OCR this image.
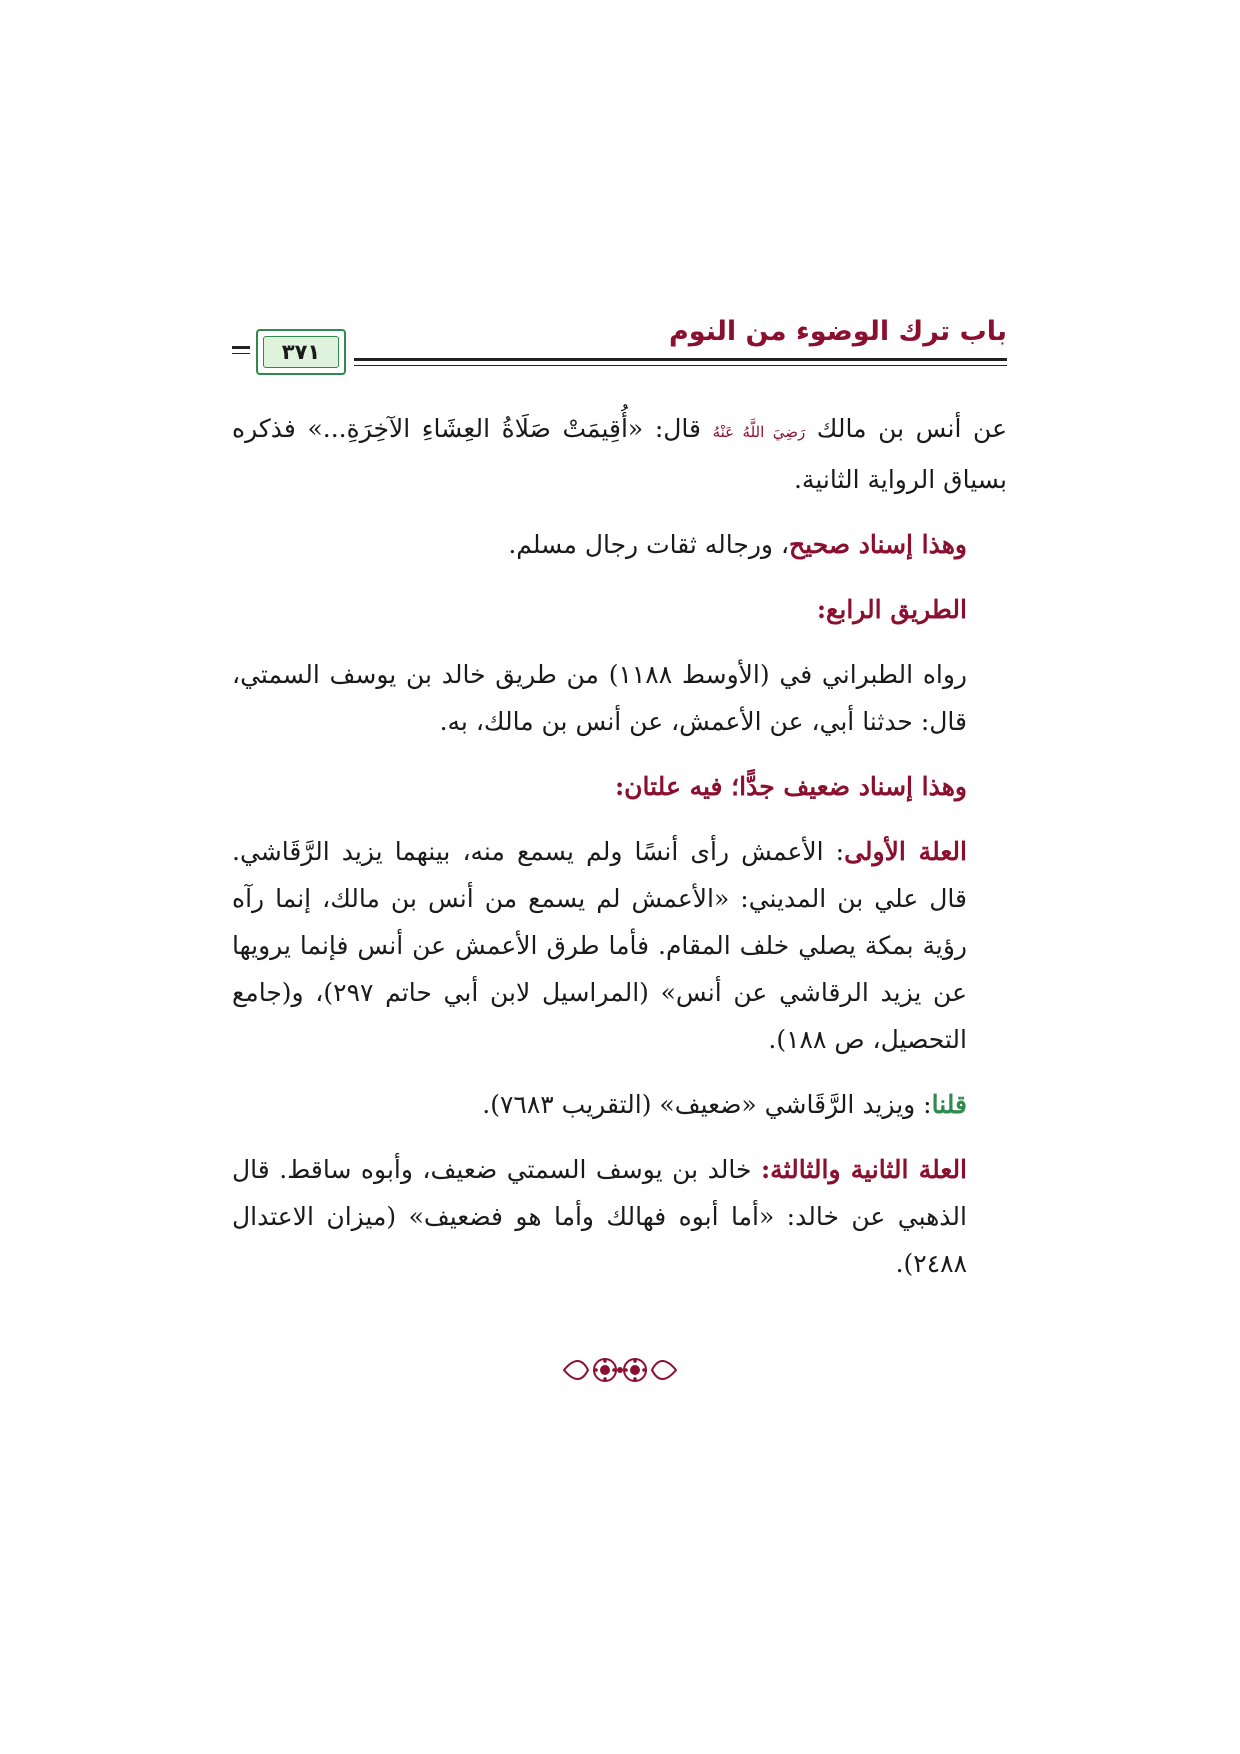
باب ترك الوضوء من النوم
٣٧١

عن أنس بن مالك رَضِيَ اللَّهُ عَنْهُ قال: «أُقِيمَتْ صَلَاةُ العِشَاءِ الآخِرَةِ...» فذكره بسياق الرواية الثانية.

وهذا إسناد صحيح، ورجاله ثقات رجال مسلم.

الطريق الرابع:

رواه الطبراني في (الأوسط ١١٨٨) من طريق خالد بن يوسف السمتي، قال: حدثنا أبي، عن الأعمش، عن أنس بن مالك، به.

وهذا إسناد ضعيف جدًّا؛ فيه علتان:

العلة الأولى: الأعمش رأى أنسًا ولم يسمع منه، بينهما يزيد الرَّقَاشي. قال علي بن المديني: «الأعمش لم يسمع من أنس بن مالك، إنما رآه رؤية بمكة يصلي خلف المقام. فأما طرق الأعمش عن أنس فإنما يرويها عن يزيد الرقاشي عن أنس» (المراسيل لابن أبي حاتم ٢٩٧)، و(جامع التحصيل، ص ١٨٨).

قلنا: ويزيد الرَّقَاشي «ضعيف» (التقريب ٧٦٨٣).

العلة الثانية والثالثة: خالد بن يوسف السمتي ضعيف، وأبوه ساقط. قال الذهبي عن خالد: «أما أبوه فهالك وأما هو فضعيف» (ميزان الاعتدال ٢٤٨٨).
